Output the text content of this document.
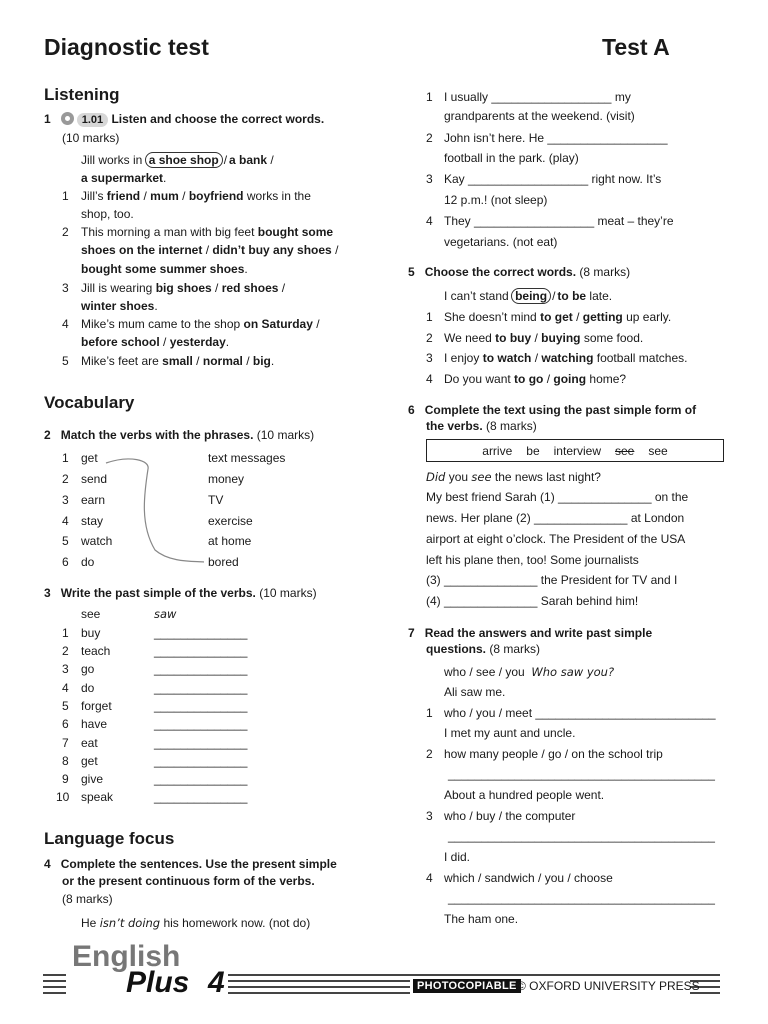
Diagnostic test	Test A
Listening
1	1.01 Listen and choose the correct words.
(10 marks)
Jill works in a shoe shop / a bank /
a supermarket.
1 Jill’s friend / mum / boyfriend works in the
shop, too.
2 This morning a man with big feet bought some
shoes on the internet / didn’t buy any shoes /
bought some summer shoes.
3 Jill is wearing big shoes / red shoes /
winter shoes.
4 Mike’s mum came to the shop on Saturday /
before school / yesterday.
5 Mike’s feet are small / normal / big.
Vocabulary
2 Match the verbs with the phrases. (10 marks)
1 get	text messages
2 send	money
3 earn	TV
4 stay	exercise
5 watch	at home
6 do	bored
3 Write the past simple of the verbs. (10 marks)
see	saw
1 buy	______________
2 teach	______________
3 go	______________
4 do	______________
5 forget	______________
6 have	______________
7 eat	______________
8 get	______________
9 give	______________
10 speak	______________
Language focus
4 Complete the sentences. Use the present simple
or the present continuous form of the verbs.
(8 marks)
He isn’t doing his homework now. (not do)
1 I usually __________________ my
grandparents at the weekend. (visit)
2 John isn’t here. He __________________
football in the park. (play)
3 Kay __________________ right now. It’s
12 p.m.! (not sleep)
4 They __________________ meat – they’re
vegetarians. (not eat)
5 Choose the correct words. (8 marks)
I can’t stand being / to be late.
1 She doesn’t mind to get / getting up early.
2 We need to buy / buying some food.
3 I enjoy to watch / watching football matches.
4 Do you want to go / going home?
6 Complete the text using the past simple form of
the verbs. (8 marks)
arrive be interview see see
Did you see the news last night?
My best friend Sarah (1) ______________ on the
news. Her plane (2) ______________ at London
airport at eight o’clock. The President of the USA
left his plane then, too! Some journalists
(3) ______________ the President for TV and I
(4) ______________ Sarah behind him!
7 Read the answers and write past simple
questions. (8 marks)
who / see / you Who saw you?
Ali saw me.
1 who / you / meet ___________________________
I met my aunt and uncle.
2 how many people / go / on the school trip
________________________________________
About a hundred people went.
3 who / buy / the computer
________________________________________
I did.
4 which / sandwich / you / choose
________________________________________
The ham one.
English
Plus 4	PHOTOCOPIABLE © OXFORD UNIVERSITY PRESS
